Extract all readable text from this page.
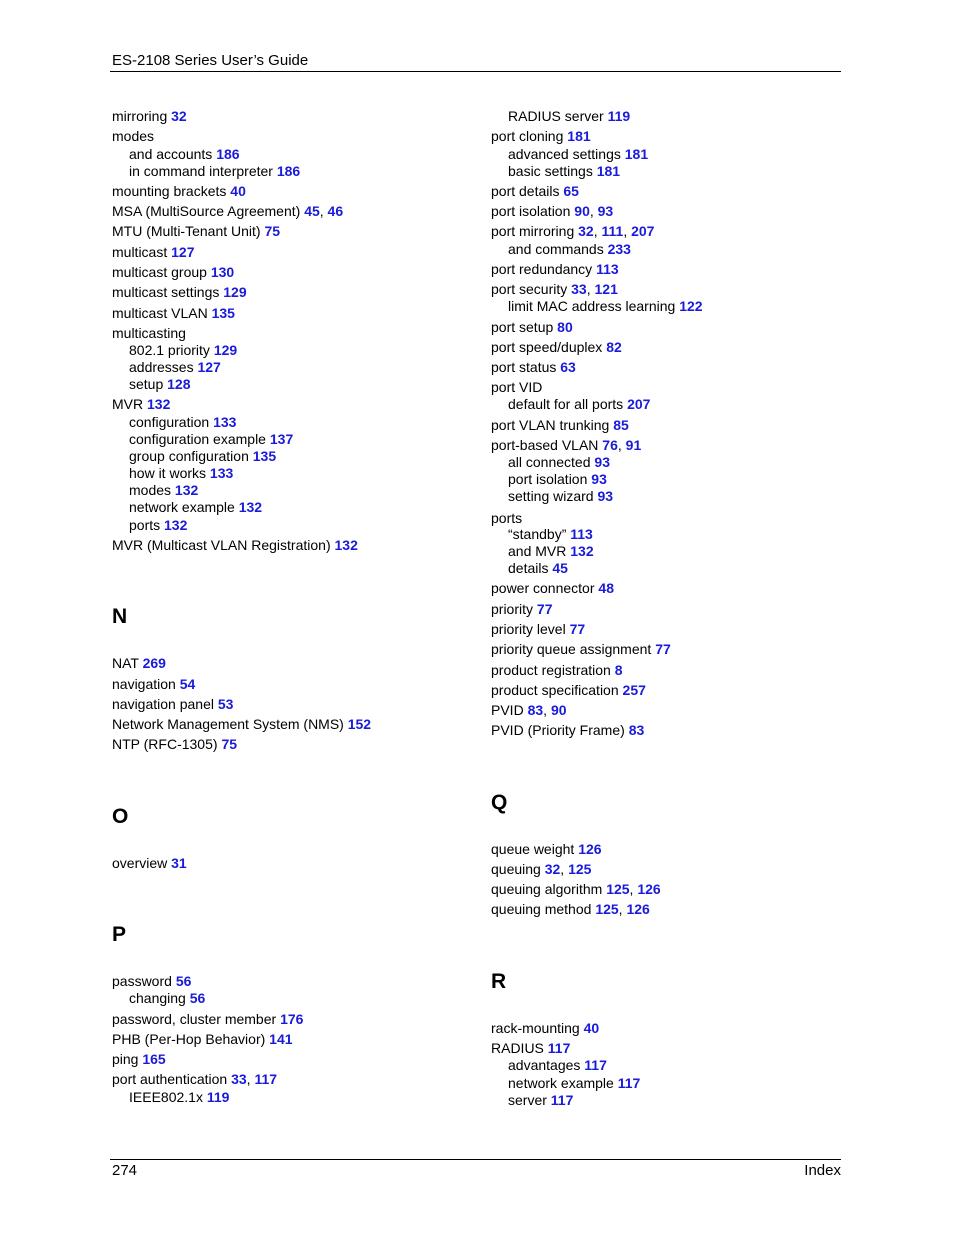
ES-2108 Series User’s Guide
mirroring 32
modes
and accounts 186
in command interpreter 186
mounting brackets 40
MSA (MultiSource Agreement) 45, 46
MTU (Multi-Tenant Unit) 75
multicast 127
multicast group 130
multicast settings 129
multicast VLAN 135
multicasting
802.1 priority 129
addresses 127
setup 128
MVR 132
configuration 133
configuration example 137
group configuration 135
how it works 133
modes 132
network example 132
ports 132
MVR (Multicast VLAN Registration) 132
N
NAT 269
navigation 54
navigation panel 53
Network Management System (NMS) 152
NTP (RFC-1305) 75
O
overview 31
P
password 56
changing 56
password, cluster member 176
PHB (Per-Hop Behavior) 141
ping 165
port authentication 33, 117
IEEE802.1x 119
RADIUS server 119
port cloning 181
advanced settings 181
basic settings 181
port details 65
port isolation 90, 93
port mirroring 32, 111, 207
and commands 233
port redundancy 113
port security 33, 121
limit MAC address learning 122
port setup 80
port speed/duplex 82
port status 63
port VID
default for all ports 207
port VLAN trunking 85
port-based VLAN 76, 91
all connected 93
port isolation 93
setting wizard 93
ports
“standby” 113
and MVR 132
details 45
power connector 48
priority 77
priority level 77
priority queue assignment 77
product registration 8
product specification 257
PVID 83, 90
PVID (Priority Frame) 83
Q
queue weight 126
queuing 32, 125
queuing algorithm 125, 126
queuing method 125, 126
R
rack-mounting 40
RADIUS 117
advantages 117
network example 117
server 117
274	Index
